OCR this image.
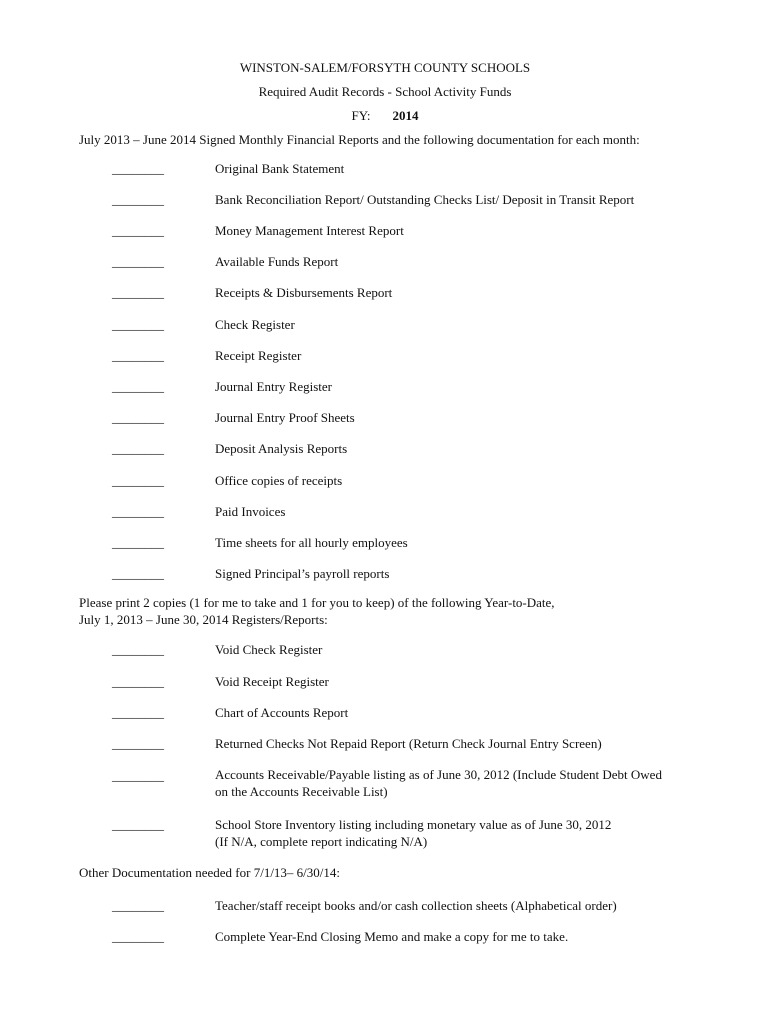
WINSTON-SALEM/FORSYTH COUNTY SCHOOLS
Required Audit Records - School Activity Funds
FY: 2014
July 2013 – June 2014 Signed Monthly Financial Reports and the following documentation for each month:
________	Original Bank Statement
________	Bank Reconciliation Report/ Outstanding Checks List/ Deposit in Transit Report
________	Money Management Interest Report
________	Available Funds Report
________	Receipts & Disbursements Report
________	Check Register
________	Receipt Register
________	Journal Entry Register
________	Journal Entry Proof Sheets
________	Deposit Analysis Reports
________	Office copies of receipts
________	Paid Invoices
________	Time sheets for all hourly employees
________	Signed Principal’s payroll reports
Please print 2 copies (1 for me to take and 1 for you to keep) of the following Year-to-Date,
July 1, 2013 – June 30, 2014 Registers/Reports:
________	Void Check Register
________	Void Receipt Register
________	Chart of Accounts Report
________	Returned Checks Not Repaid Report (Return Check Journal Entry Screen)
________	Accounts Receivable/Payable listing as of June 30, 2012 (Include Student Debt Owed
on the Accounts Receivable List)
________	School Store Inventory listing including monetary value as of June 30, 2012
(If N/A, complete report indicating N/A)
Other Documentation needed for 7/1/13– 6/30/14:
________	Teacher/staff receipt books and/or cash collection sheets (Alphabetical order)
________	Complete Year-End Closing Memo and make a copy for me to take.
